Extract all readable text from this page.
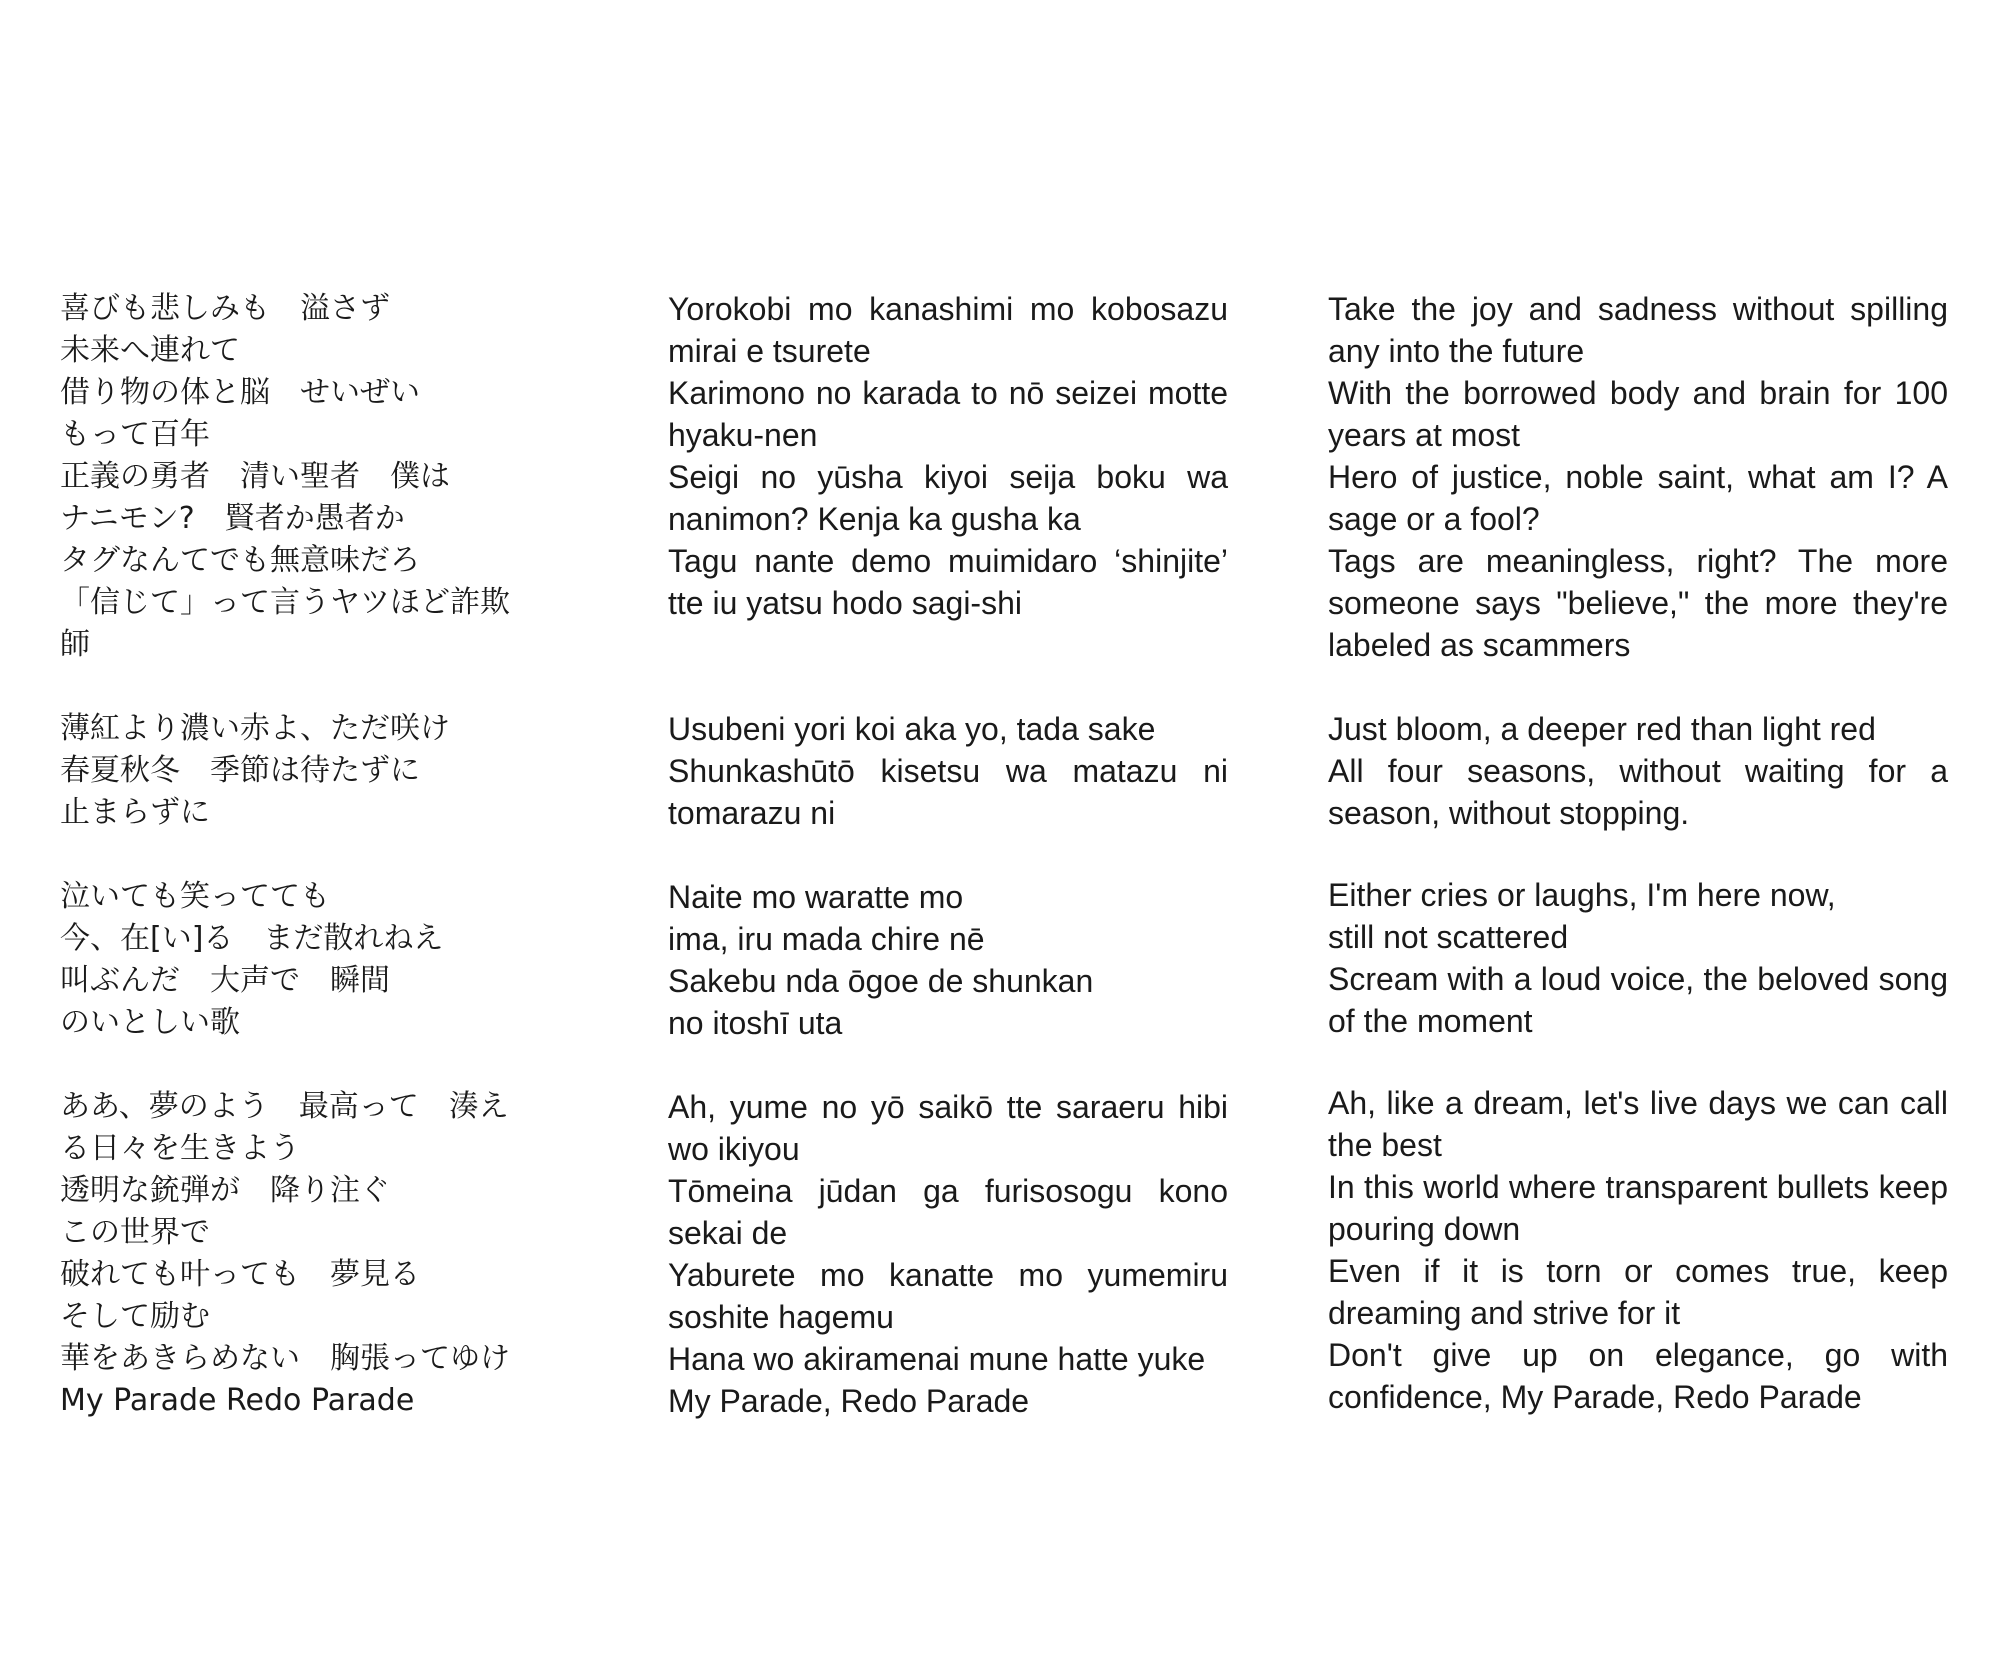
喜びも悲しみも　溢さず
未来へ連れて
借り物の体と脳　せいぜい
もって百年
正義の勇者　清い聖者　僕は
ナニモン?　賢者か愚者か
タグなんてでも無意味だろ
「信じて」って言うヤツほど詐欺
師
薄紅より濃い赤よ、ただ咲け
春夏秋冬　季節は待たずに
止まらずに
泣いても笑ってても
今、在[い]る　まだ散れねえ
叫ぶんだ　大声で　瞬間
のいとしい歌
ああ、夢のよう　最高って　湊え
る日々を生きよう
透明な銃弾が　降り注ぐ
この世界で
破れても叶っても　夢見る
そして励む
華をあきらめない　胸張ってゆけ
My Parade Redo Parade
Yorokobi mo kanashimi mo kobosazu mirai e tsurete
Karimono no karada to nō seizei motte hyaku-nen
Seigi no yūsha kiyoi seija boku wa nanimon? Kenja ka gusha ka
Tagu nante demo muimidaro ‘shinjite’ tte iu yatsu hodo sagi-shi
Usubeni yori koi aka yo, tada sake
Shunkashūtō kisetsu wa matazu ni tomarazu ni
Naite mo waratte mo
ima, iru mada chire nē
Sakebu nda ōgoe de shunkan
no itoshī uta
Ah, yume no yō saikō tte saraeru hibi wo ikiyou
Tōmeina jūdan ga furisosogu kono sekai de
Yaburete mo kanatte mo yumemiru soshite hagemu
Hana wo akiramenai mune hatte yuke
My Parade, Redo Parade
Take the joy and sadness without spilling any into the future
With the borrowed body and brain for 100 years at most
Hero of justice, noble saint, what am I? A sage or a fool?
Tags are meaningless, right? The more someone says "believe," the more they're labeled as scammers
Just bloom, a deeper red than light red
All four seasons, without waiting for a season, without stopping.
Either cries or laughs, I'm here now,
still not scattered
Scream with a loud voice, the beloved song of the moment
Ah, like a dream, let's live days we can call the best
In this world where transparent bullets keep pouring down
Even if it is torn or comes true, keep dreaming and strive for it
Don't give up on elegance, go with confidence, My Parade, Redo Parade
